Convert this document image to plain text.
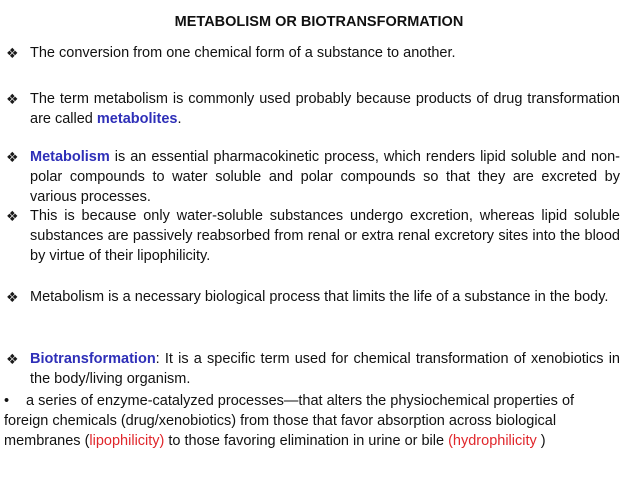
METABOLISM OR BIOTRANSFORMATION
❖ The conversion from one chemical form of a substance to another.
❖ The term metabolism is commonly used probably because products of drug transformation are called metabolites.
❖ Metabolism is an essential pharmacokinetic process, which renders lipid soluble and non-polar compounds to water soluble and polar compounds so that they are excreted by various processes.
❖ This is because only water-soluble substances undergo excretion, whereas lipid soluble substances are passively reabsorbed from renal or extra renal excretory sites into the blood by virtue of their lipophilicity.
❖ Metabolism is a necessary biological process that limits the life of a substance in the body.
❖ Biotransformation: It is a specific term used for chemical transformation of xenobiotics in the body/living organism.
• a series of enzyme-catalyzed processes—that alters the physiochemical properties of foreign chemicals (drug/xenobiotics) from those that favor absorption across biological membranes (lipophilicity) to those favoring elimination in urine or bile (hydrophilicity )
